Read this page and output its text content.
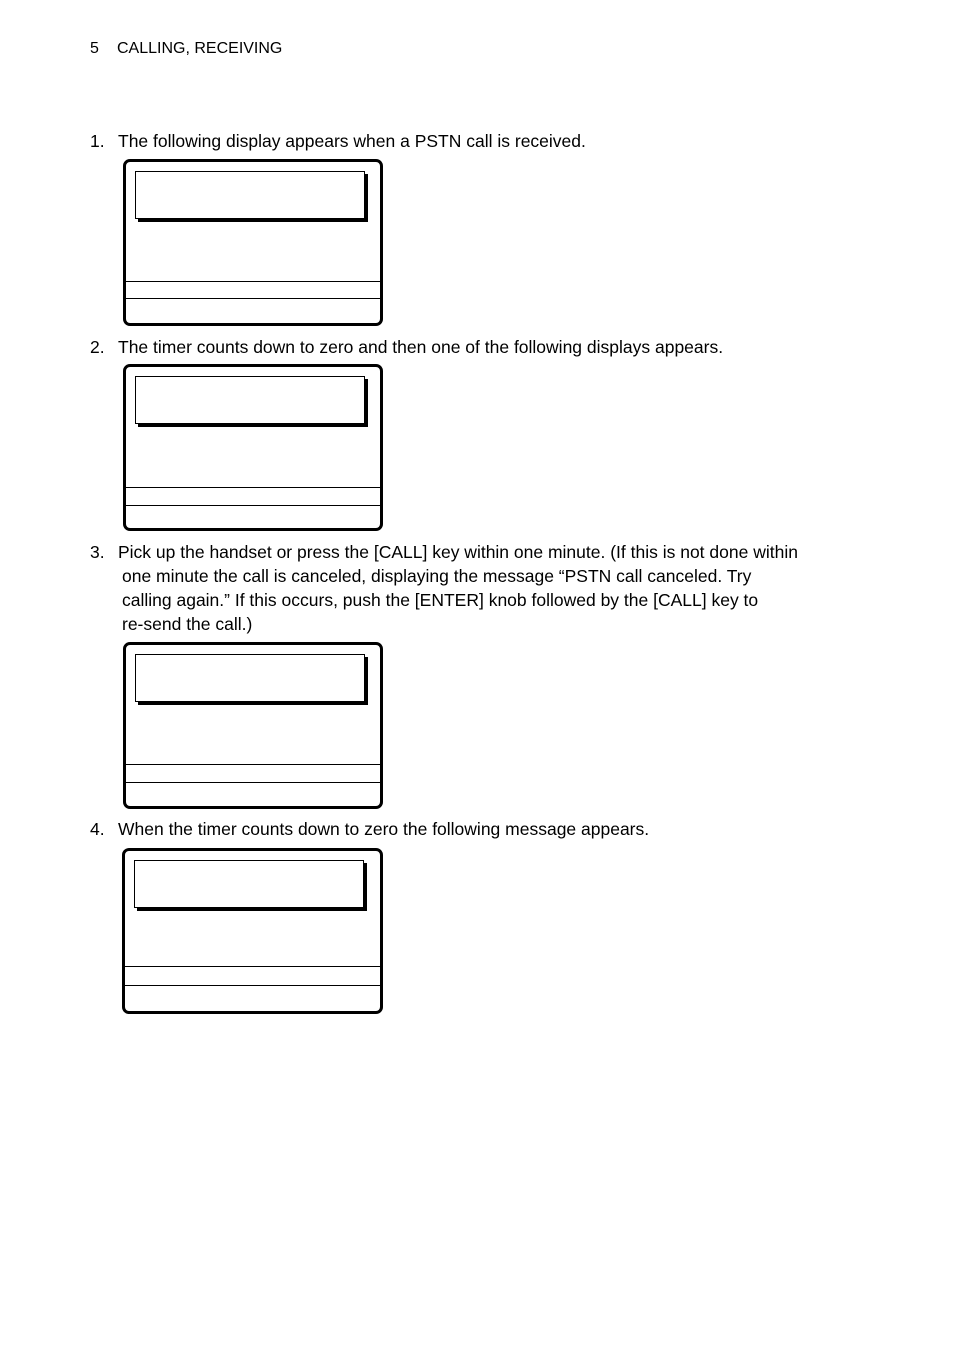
5 CALLING, RECEIVING
1. The following display appears when a PSTN call is received.
2. The timer counts down to zero and then one of the following displays appears.
3. Pick up the handset or press the [CALL] key within one minute. (If this is not done within
one minute the call is canceled, displaying the message “PSTN call canceled. Try
calling again.” If this occurs, push the [ENTER] knob followed by the [CALL] key to
re-send the call.)
4. When the timer counts down to zero the following message appears.
